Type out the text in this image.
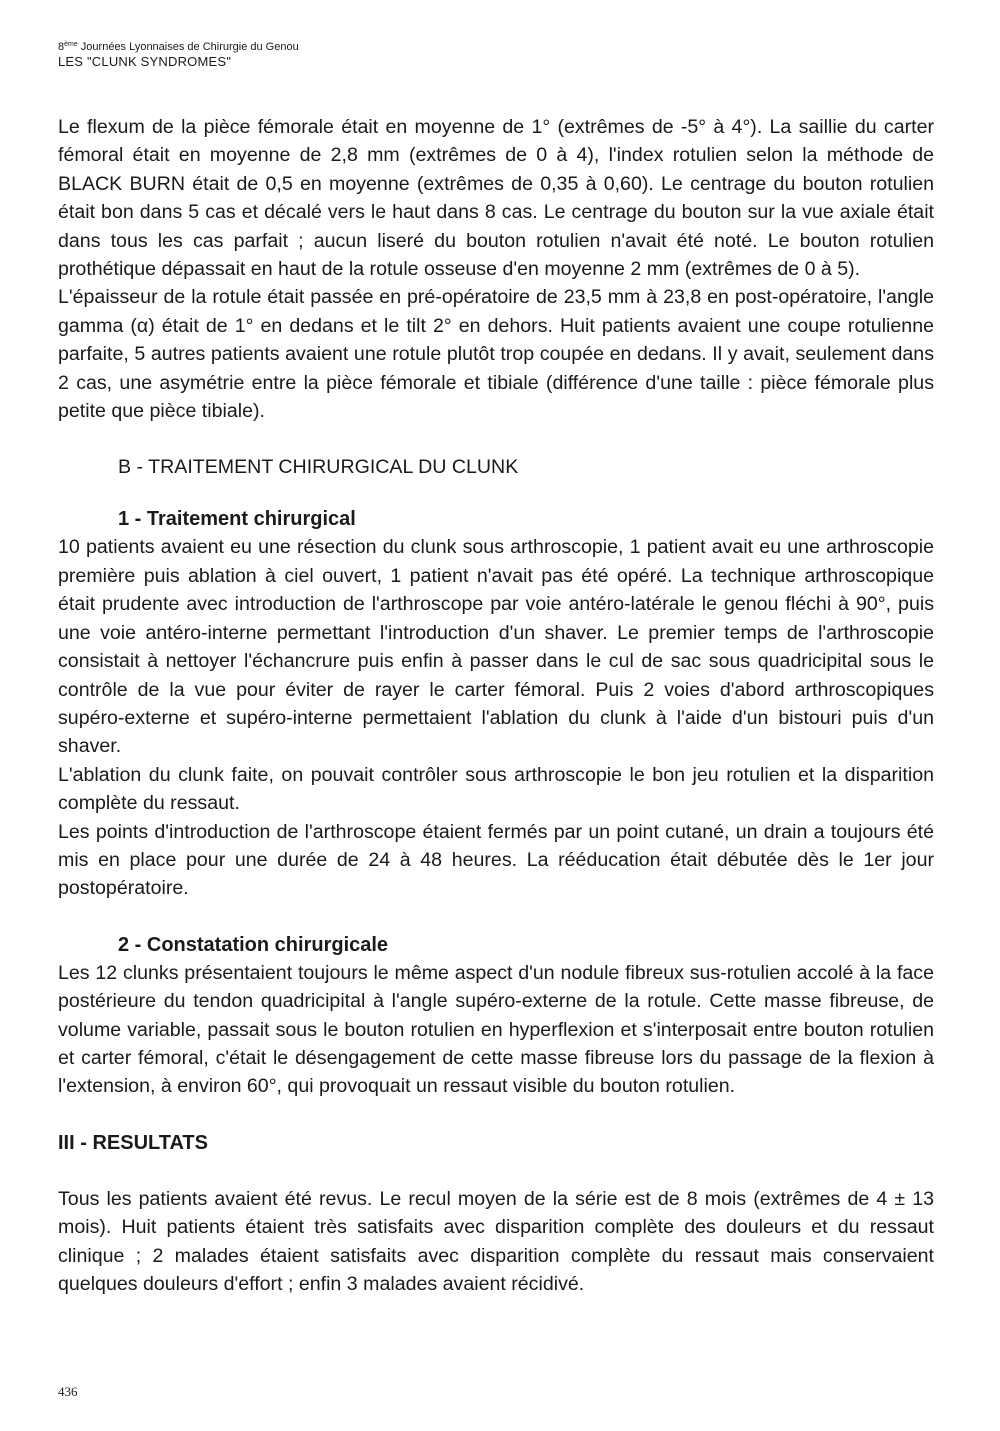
8ème Journées Lyonnaises de Chirurgie du Genou
LES "CLUNK SYNDROMES"

Le flexum de la pièce fémorale était en moyenne de 1° (extrêmes de -5° à 4°). La saillie du carter fémoral était en moyenne de 2,8 mm (extrêmes de 0 à 4), l'index rotulien selon la méthode de BLACK BURN était de 0,5 en moyenne (extrêmes de 0,35 à 0,60). Le centrage du bouton rotulien était bon dans 5 cas et décalé vers le haut dans 8 cas. Le centrage du bouton sur la vue axiale était dans tous les cas parfait ; aucun liseré du bouton rotulien n'avait été noté. Le bouton rotulien prothétique dépassait en haut de la rotule osseuse d'en moyenne 2 mm (extrêmes de 0 à 5).

L'épaisseur de la rotule était passée en pré-opératoire de 23,5 mm à 23,8 en post-opératoire, l'angle gamma (α) était de 1° en dedans et le tilt 2° en dehors. Huit patients avaient une coupe rotulienne parfaite, 5 autres patients avaient une rotule plutôt trop coupée en dedans. Il y avait, seulement dans 2 cas, une asymétrie entre la pièce fémorale et tibiale (différence d'une taille : pièce fémorale plus petite que pièce tibiale).

B - TRAITEMENT CHIRURGICAL DU CLUNK

1 - Traitement chirurgical

10 patients avaient eu une résection du clunk sous arthroscopie, 1 patient avait eu une arthroscopie première puis ablation à ciel ouvert, 1 patient n'avait pas été opéré. La technique arthroscopique était prudente avec introduction de l'arthroscope par voie antéro-latérale le genou fléchi à 90°, puis une voie antéro-interne permettant l'introduction d'un shaver. Le premier temps de l'arthroscopie consistait à nettoyer l'échancrure puis enfin à passer dans le cul de sac sous quadricipital sous le contrôle de la vue pour éviter de rayer le carter fémoral. Puis 2 voies d'abord arthroscopiques supéro-externe et supéro-interne permettaient l'ablation du clunk à l'aide d'un bistouri puis d'un shaver.

L'ablation du clunk faite, on pouvait contrôler sous arthroscopie le bon jeu rotulien et la disparition complète du ressaut.

Les points d'introduction de l'arthroscope étaient fermés par un point cutané, un drain a toujours été mis en place pour une durée de 24 à 48 heures. La rééducation était débutée dès le 1er jour postopératoire.

2 - Constatation chirurgicale

Les 12 clunks présentaient toujours le même aspect d'un nodule fibreux sus-rotulien accolé à la face postérieure du tendon quadricipital à l'angle supéro-externe de la rotule. Cette masse fibreuse, de volume variable, passait sous le bouton rotulien en hyperflexion et s'interposait entre bouton rotulien et carter fémoral, c'était le désengagement de cette masse fibreuse lors du passage de la flexion à l'extension, à environ 60°, qui provoquait un ressaut visible du bouton rotulien.

III - RESULTATS

Tous les patients avaient été revus. Le recul moyen de la série est de 8 mois (extrêmes de 4 ± 13 mois). Huit patients étaient très satisfaits avec disparition complète des douleurs et du ressaut clinique ; 2 malades étaient satisfaits avec disparition complète du ressaut mais conservaient quelques douleurs d'effort ; enfin 3 malades avaient récidivé.

436
